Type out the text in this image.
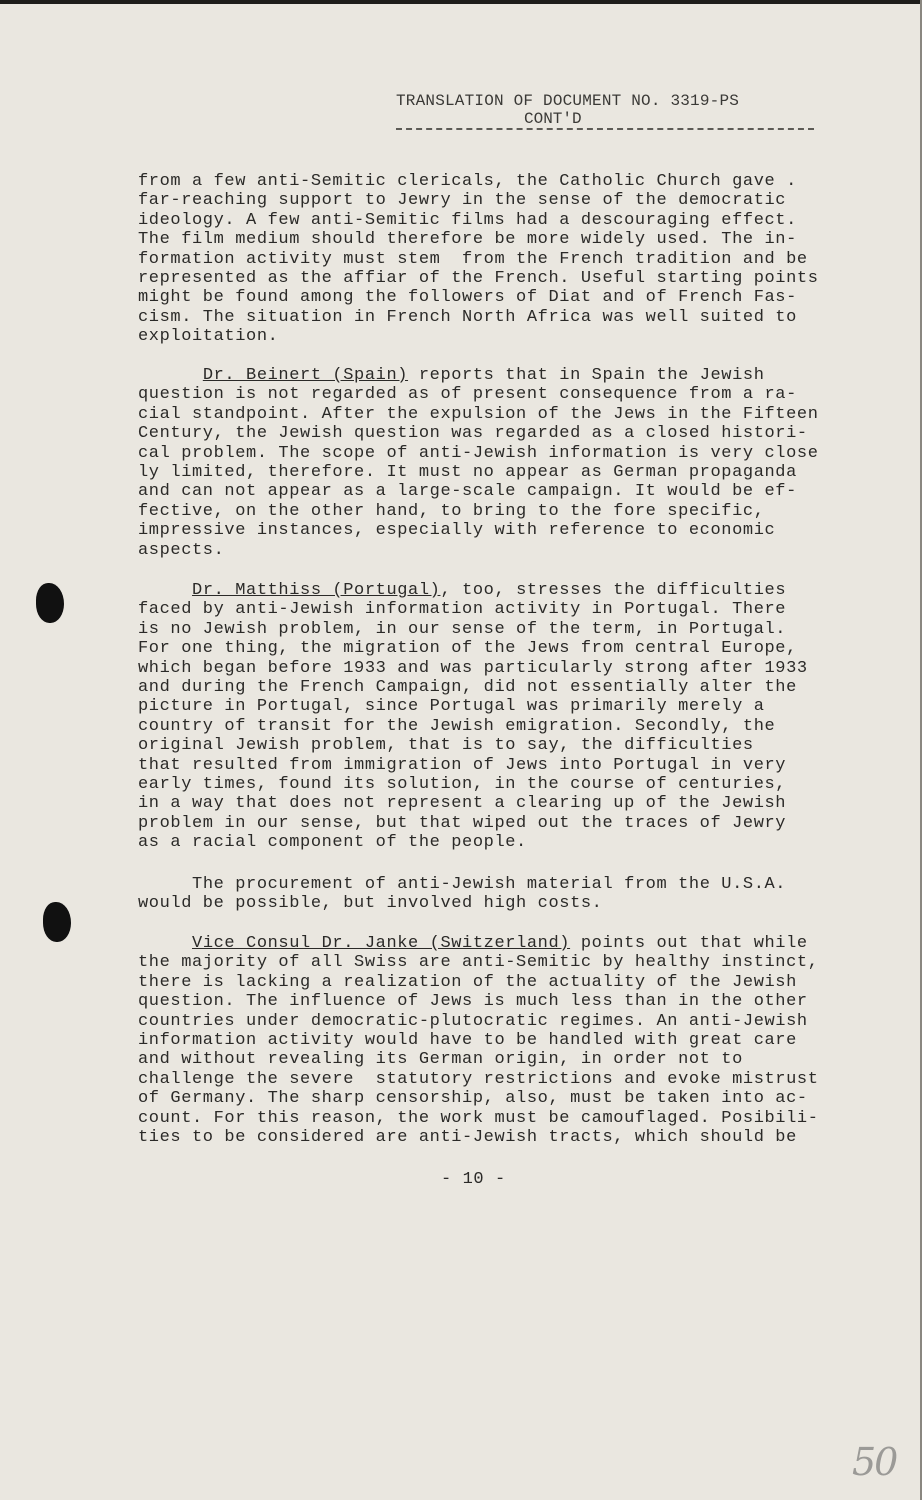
TRANSLATION OF DOCUMENT NO. 3319-PS
CONT'D
from a few anti-Semitic clericals, the Catholic Church gave .
far-reaching support to Jewry in the sense of the democratic
ideology. A few anti-Semitic films had a descouraging effect.
The film medium should therefore be more widely used. The in-
formation activity must stem  from the French tradition and be
represented as the affiar of the French. Useful starting points
might be found among the followers of Diat and of French Fas-
cism. The situation in French North Africa was well suited to
exploitation.
Dr. Beinert (Spain) reports that in Spain the Jewish
question is not regarded as of present consequence from a ra-
cial standpoint. After the expulsion of the Jews in the Fifteen
Century, the Jewish question was regarded as a closed histori-
cal problem. The scope of anti-Jewish information is very close
ly limited, therefore. It must no appear as German propaganda
and can not appear as a large-scale campaign. It would be ef-
fective, on the other hand, to bring to the fore specific,
impressive instances, especially with reference to economic
aspects.
Dr. Matthiss (Portugal), too, stresses the difficulties
faced by anti-Jewish information activity in Portugal. There
is no Jewish problem, in our sense of the term, in Portugal.
For one thing, the migration of the Jews from central Europe,
which began before 1933 and was particularly strong after 1933
and during the French Campaign, did not essentially alter the
picture in Portugal, since Portugal was primarily merely a
country of transit for the Jewish emigration. Secondly, the
original Jewish problem, that is to say, the difficulties
that resulted from immigration of Jews into Portugal in very
early times, found its solution, in the course of centuries,
in a way that does not represent a clearing up of the Jewish
problem in our sense, but that wiped out the traces of Jewry
as a racial component of the people.
The procurement of anti-Jewish material from the U.S.A.
would be possible, but involved high costs.
Vice Consul Dr. Janke (Switzerland) points out that while
the majority of all Swiss are anti-Semitic by healthy instinct,
there is lacking a realization of the actuality of the Jewish
question. The influence of Jews is much less than in the other
countries under democratic-plutocratic regimes. An anti-Jewish
information activity would have to be handled with great care
and without revealing its German origin, in order not to
challenge the severe  statutory restrictions and evoke mistrust
of Germany. The sharp censorship, also, must be taken into ac-
count. For this reason, the work must be camouflaged. Posibili-
ties to be considered are anti-Jewish tracts, which should be
- 10 -
50
